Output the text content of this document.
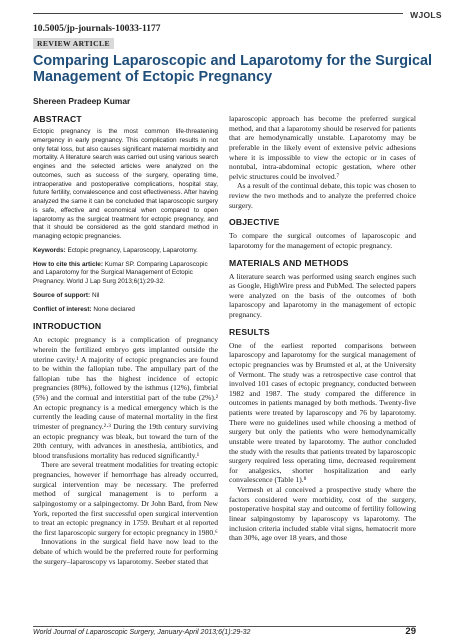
WJOLS
10.5005/jp-journals-10033-1177
REVIEW ARTICLE
Comparing Laparoscopic and Laparotomy for the Surgical Management of Ectopic Pregnancy
Shereen Pradeep Kumar
ABSTRACT

Ectopic pregnancy is the most common life-threatening emergency in early pregnancy. This complication results in not only fetal loss, but also causes significant maternal morbidity and mortality. A literature search was carried out using various search engines and the selected articles were analyzed on the outcomes, such as success of the surgery, operating time, intraoperative and postoperative complications, hospital stay, future fertility, convalescence and cost effectiveness. After having analyzed the same it can be concluded that laparoscopic surgery is safe, effective and economical when compared to open laparotomy as the surgical treatment for ectopic pregnancy, and that it should be considered as the gold standard method in managing ectopic pregnancies.

Keywords: Ectopic pregnancy, Laparoscopy, Laparotomy.

How to cite this article: Kumar SP. Comparing Laparoscopic and Laparotomy for the Surgical Management of Ectopic Pregnancy. World J Lap Surg 2013;6(1):29-32.

Source of support: Nil

Conflict of interest: None declared

INTRODUCTION

An ectopic pregnancy is a complication of pregnancy wherein the fertilized embryo gets implanted outside the uterine cavity.¹ A majority of ectopic pregnancies are found to be within the fallopian tube. The ampullary part of the fallopian tube has the highest incidence of ectopic pregnancies (80%), followed by the isthmus (12%), fimbrial (5%) and the cornual and interstitial part of the tube (2%).² An ectopic pregnancy is a medical emergency which is the currently the leading cause of maternal mortality in the first trimester of pregnancy.²·³ During the 19th century surviving an ectopic pregnancy was bleak, but toward the turn of the 20th century, with advances in anesthesia, antibiotics, and blood transfusions mortality has reduced significantly.¹

There are several treatment modalities for treating ectopic pregnancies, however if hemorrhage has already occurred, surgical intervention may be necessary. The preferred method of surgical management is to perform a salpingostomy or a salpingectomy. Dr John Bard, from New York, reported the first successful open surgical intervention to treat an ectopic pregnancy in 1759. Bruhart et al reported the first laparoscopic surgery for ectopic pregnancy in 1980.⁶

Innovations in the surgical field have now lead to the debate of which would be the preferred route for performing the surgery–laparoscopy vs laparotomy. Seeber stated that

laparoscopic approach has become the preferred surgical method, and that a laparotomy should be reserved for patients that are hemodynamically unstable. Laparotomy may be preferable in the likely event of extensive pelvic adhesions where it is impossible to view the ectopic or in cases of nontubal, intra-abdominal ectopic gestation, where other pelvic structures could be involved.⁷

As a result of the continual debate, this topic was chosen to review the two methods and to analyze the preferred choice surgery.

OBJECTIVE

To compare the surgical outcomes of laparoscopic and laparotomy for the management of ectopic pregnancy.

MATERIALS AND METHODS

A literature search was performed using search engines such as Google, HighWire press and PubMed. The selected papers were analyzed on the basis of the outcomes of both laparoscopy and laparotomy in the management of ectopic pregnancy.

RESULTS

One of the earliest reported comparisons between laparoscopy and laparotomy for the surgical management of ectopic pregnancies was by Brumsted et al, at the University of Vermont. The study was a retrospective case control that involved 101 cases of ectopic pregnancy, conducted between 1982 and 1987. The study compared the difference in outcomes in patients managed by both methods. Twenty-five patients were treated by laparoscopy and 76 by laparotomy. There were no guidelines used while choosing a method of surgery but only the patients who were hemodynamically unstable were treated by laparotomy. The author concluded the study with the results that patients treated by laparoscopic surgery required less operating time, decreased requirement for analgesics, shorter hospitalization and early convalescence (Table 1).⁸

Vermesh et al conceived a prospective study where the factors considered were morbidity, cost of the surgery, postoperative hospital stay and outcome of fertility following linear salpingostomy by laparoscopy vs laparotomy. The inclusion criteria included stable vital signs, hematocrit more than 30%, age over 18 years, and those

World Journal of Laparoscopic Surgery, January-April 2013;6(1):29-32	29
